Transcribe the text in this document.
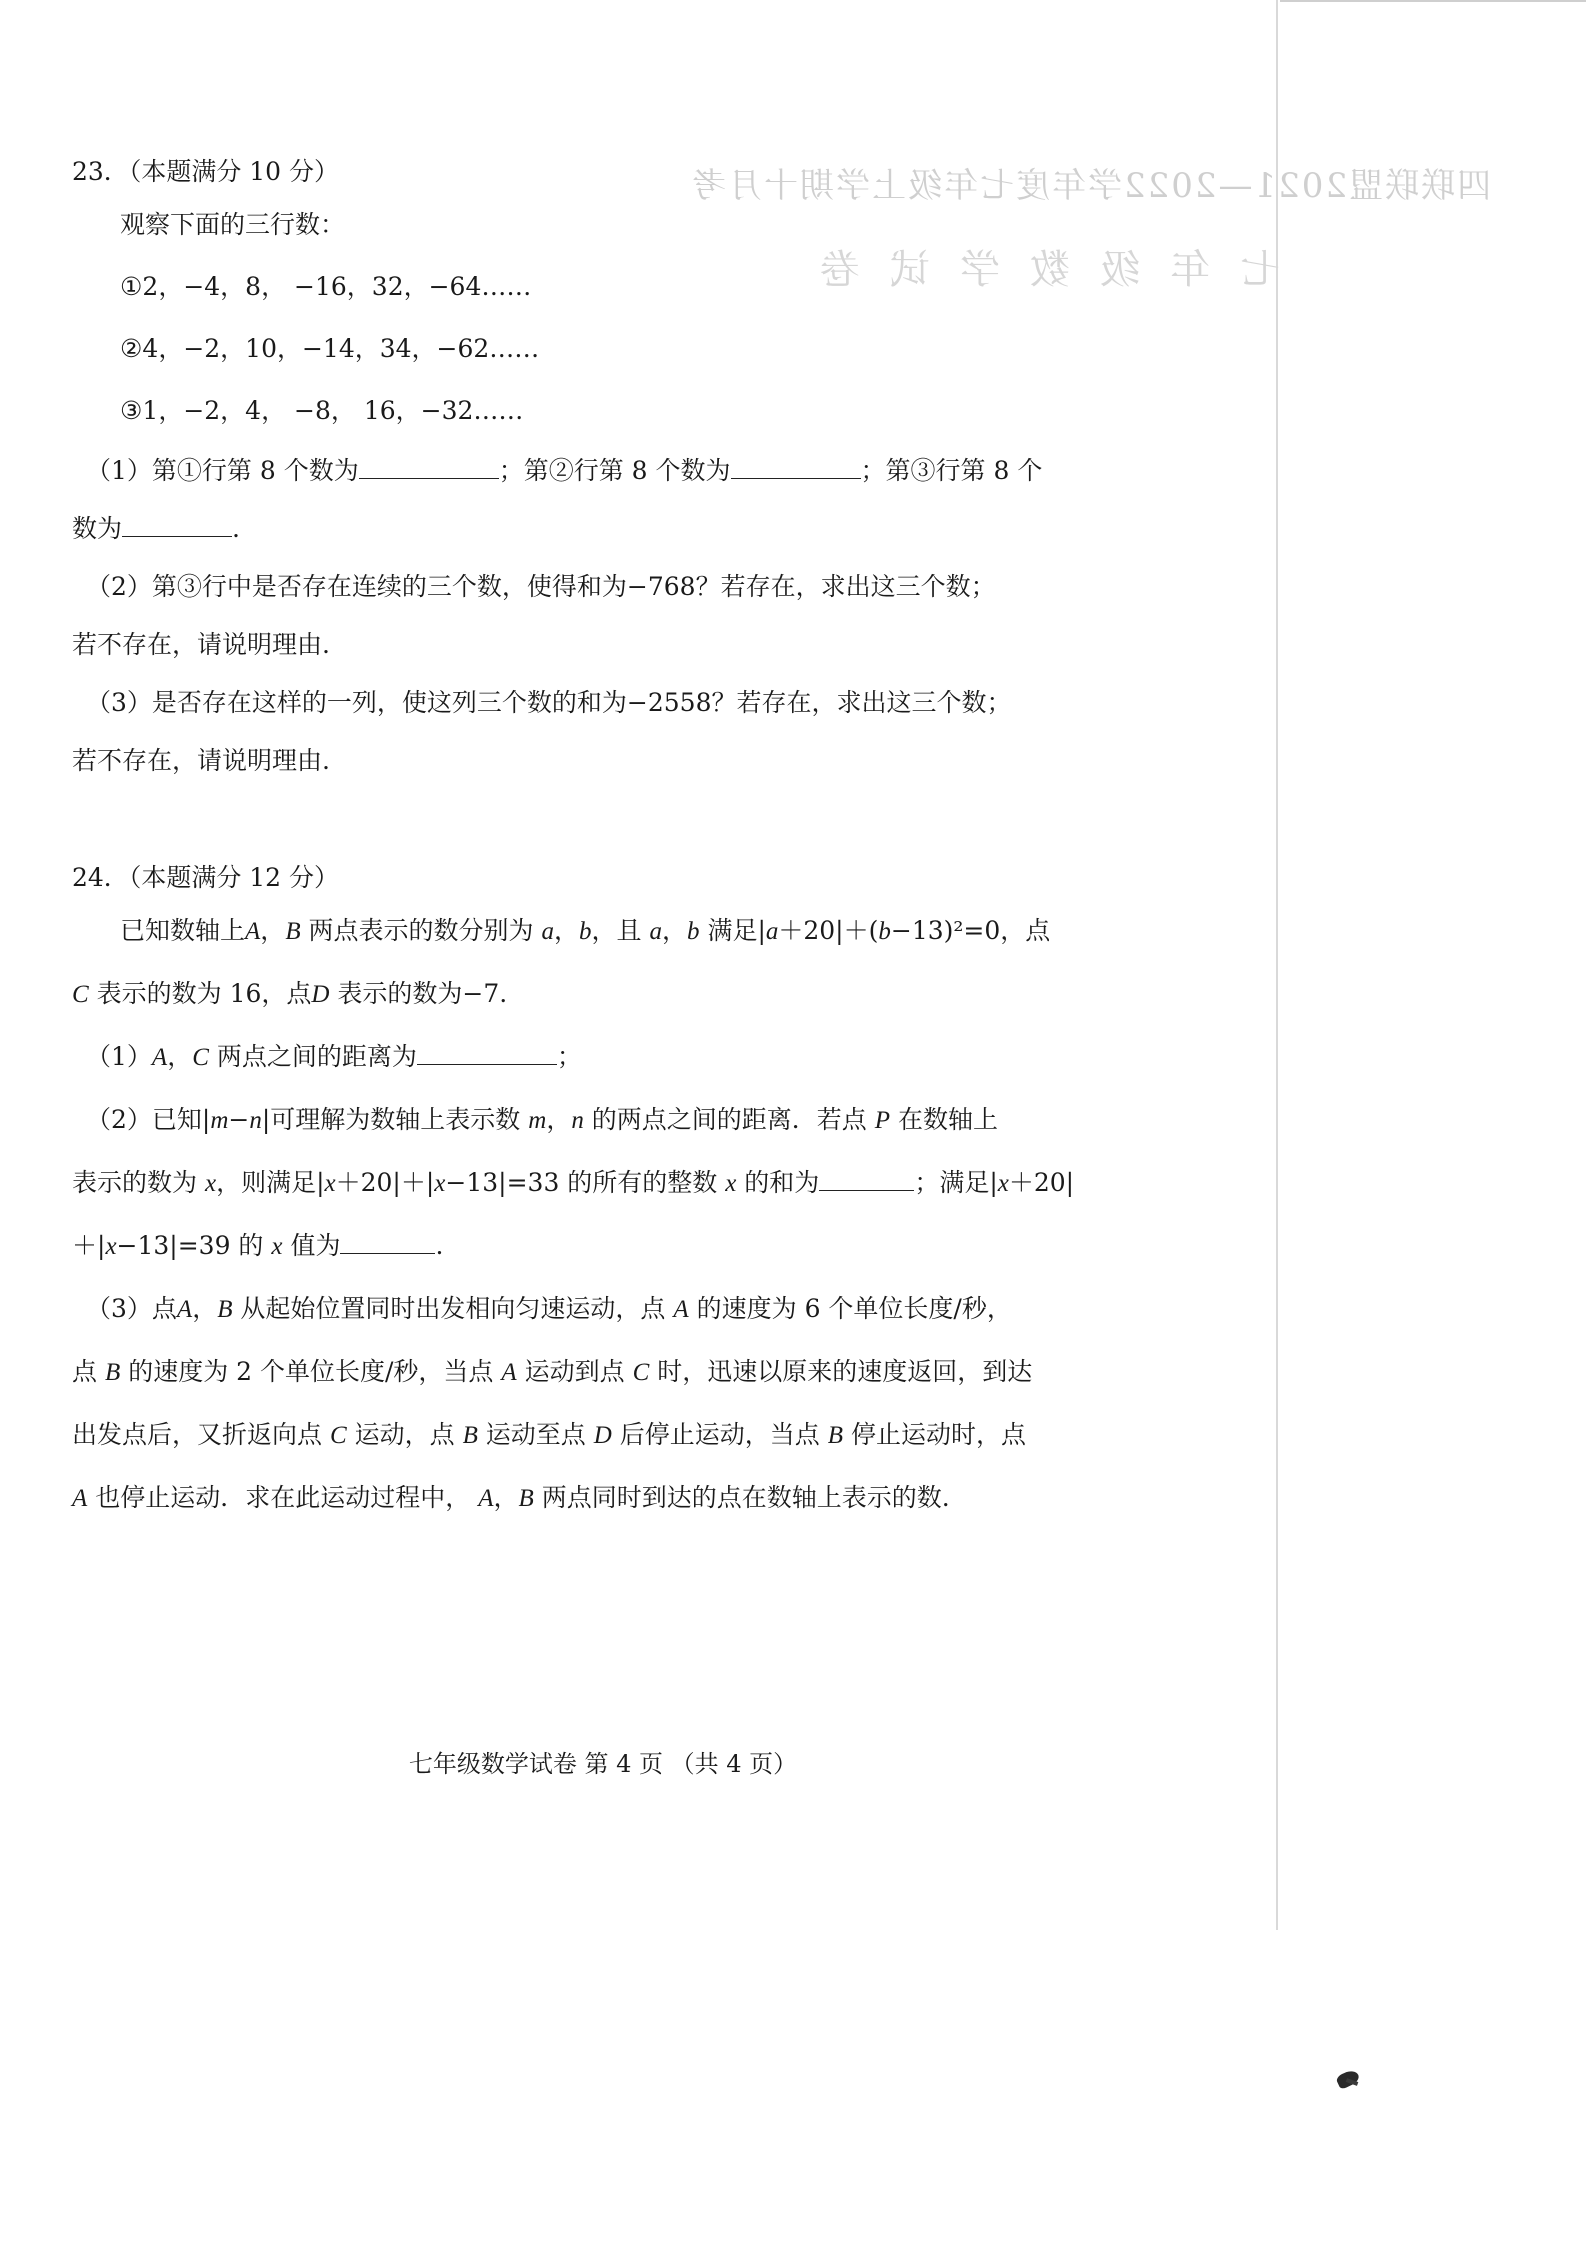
四联联盟2021—2022学年度七年级上学期十月考
七年级数学试卷

23．（本题满分 10 分）

观察下面的三行数：

①2，−4，8， −16，32，−64……

②4，−2，10，−14，34，−62……

③1，−2，4， −8， 16，−32……

（1）第①行第 8 个数为	；第②行第 8 个数为	；第③行第 8 个
数为	.

（2）第③行中是否存在连续的三个数，使得和为−768？若存在，求出这三个数；
若不存在，请说明理由.

（3）是否存在这样的一列，使这列三个数的和为−2558？若存在，求出这三个数；
若不存在，请说明理由.

24．（本题满分 12 分）

已知数轴上A，B 两点表示的数分别为 a，b，且 a，b 满足|a＋20|＋(b−13)²=0，点
C 表示的数为 16，点D 表示的数为−7.

（1）A，C 两点之间的距离为	；

（2）已知|m−n|可理解为数轴上表示数 m，n 的两点之间的距离．若点 P 在数轴上
表示的数为 x，则满足|x＋20|＋|x−13|=33 的所有的整数 x 的和为	；满足|x＋20|
＋|x−13|=39 的 x 值为	.

（3）点A，B 从起始位置同时出发相向匀速运动，点 A 的速度为 6 个单位长度/秒，
点 B 的速度为 2 个单位长度/秒，当点 A 运动到点 C 时，迅速以原来的速度返回，到达
出发点后，又折返向点 C 运动，点 B 运动至点 D 后停止运动，当点 B 停止运动时，点
A 也停止运动．求在此运动过程中， A，B 两点同时到达的点在数轴上表示的数.

七年级数学试卷 第 4 页 （共 4 页）
